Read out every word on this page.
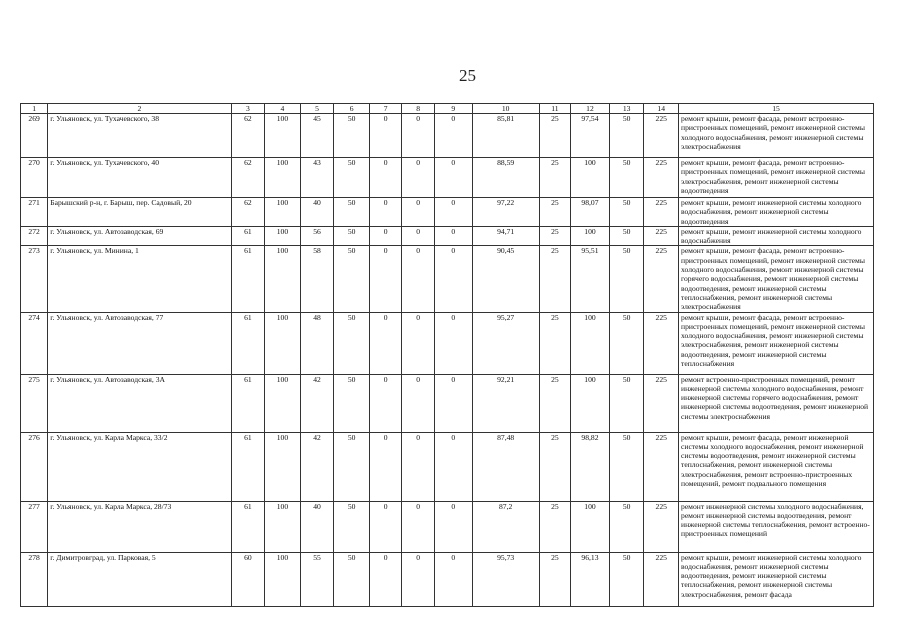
25
1	2	3	4	5	6	7	8	9	10	11	12	13	14	15
269	г. Ульяновск, ул. Тухачевского, 38	62	100	45	50	0	0	0	85,81	25	97,54	50	225	ремонт крыши, ремонт фасада, ремонт встроенно-пристроенных помещений, ремонт инженерной системы холодного водоснабжения, ремонт инженерной системы электроснабжения
270	г. Ульяновск, ул. Тухачевского, 40	62	100	43	50	0	0	0	88,59	25	100	50	225	ремонт крыши, ремонт фасада, ремонт встроенно-пристроенных помещений, ремонт инженерной системы электроснабжения, ремонт инженерной системы водоотведения
271	Барышский р-н, г. Барыш, пер. Садовый, 20	62	100	40	50	0	0	0	97,22	25	98,07	50	225	ремонт крыши, ремонт инженерной системы холодного водоснабжения, ремонт инженерной системы водоотведения
272	г. Ульяновск, ул. Автозаводская, 69	61	100	56	50	0	0	0	94,71	25	100	50	225	ремонт крыши, ремонт инженерной системы холодного водоснабжения
273	г. Ульяновск, ул. Минина, 1	61	100	58	50	0	0	0	90,45	25	95,51	50	225	ремонт крыши, ремонт фасада, ремонт встроенно-пристроенных помещений, ремонт инженерной системы холодного водоснабжения, ремонт инженерной системы горячего водоснабжения, ремонт инженерной системы водоотведения, ремонт инженерной системы теплоснабжения, ремонт инженерной системы электроснабжения
274	г. Ульяновск, ул. Автозаводская, 77	61	100	48	50	0	0	0	95,27	25	100	50	225	ремонт крыши, ремонт фасада, ремонт встроенно-пристроенных помещений, ремонт инженерной системы холодного водоснабжения, ремонт инженерной системы электроснабжения, ремонт инженерной системы водоотведения, ремонт инженерной системы теплоснабжения
275	г. Ульяновск, ул. Автозаводская, 3А	61	100	42	50	0	0	0	92,21	25	100	50	225	ремонт встроенно-пристроенных помещений, ремонт инженерной системы холодного водоснабжения, ремонт инженерной системы горячего водоснабжения, ремонт инженерной системы водоотведения, ремонт инженерной системы электроснабжения
276	г. Ульяновск, ул. Карла Маркса, 33/2	61	100	42	50	0	0	0	87,48	25	98,82	50	225	ремонт крыши, ремонт фасада, ремонт инженерной системы холодного водоснабжения, ремонт инженерной системы водоотведения, ремонт инженерной системы теплоснабжения, ремонт инженерной системы электроснабжения, ремонт встроенно-пристроенных помещений, ремонт подвального помещения
277	г. Ульяновск, ул. Карла Маркса, 28/73	61	100	40	50	0	0	0	87,2	25	100	50	225	ремонт инженерной системы холодного водоснабжения, ремонт инженерной системы водоотведения, ремонт инженерной системы теплоснабжения, ремонт встроенно-пристроенных помещений
278	г. Димитровград, ул. Парковая, 5	60	100	55	50	0	0	0	95,73	25	96,13	50	225	ремонт крыши, ремонт инженерной системы холодного водоснабжения, ремонт инженерной системы водоотведения, ремонт инженерной системы теплоснабжения, ремонт инженерной системы электроснабжения, ремонт фасада
